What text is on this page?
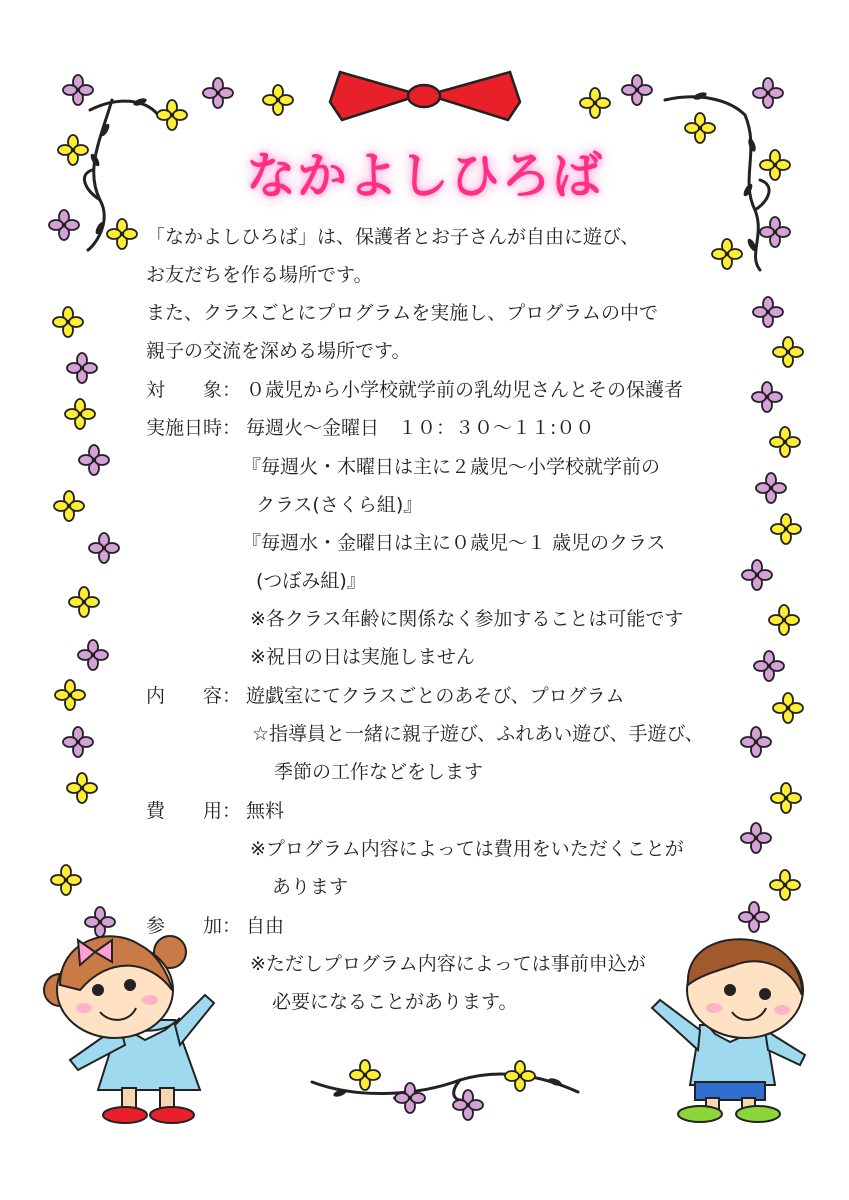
なかよしひろば
「なかよしひろば」は、保護者とお子さんが自由に遊び、
お友だちを作る場所です。
また、クラスごとにプログラムを実施し、プログラムの中で
親子の交流を深める場所です。
対　　象： ０歳児から小学校就学前の乳幼児さんとその保護者
実施日時： 毎週火～金曜日　１０：３０～１１:００
『毎週火・木曜日は主に２歳児～小学校就学前の
クラス(さくら組)』
『毎週水・金曜日は主に０歳児～１ 歳児のクラス
(つぼみ組)』
※各クラス年齢に関係なく参加することは可能です
※祝日の日は実施しません
内　　容： 遊戯室にてクラスごとのあそび、プログラム
☆指導員と一緒に親子遊び、ふれあい遊び、手遊び、
季節の工作などをします
費　　用： 無料
※プログラム内容によっては費用をいただくことが
あります
参　　加： 自由
※ただしプログラム内容によっては事前申込が
必要になることがあります。
